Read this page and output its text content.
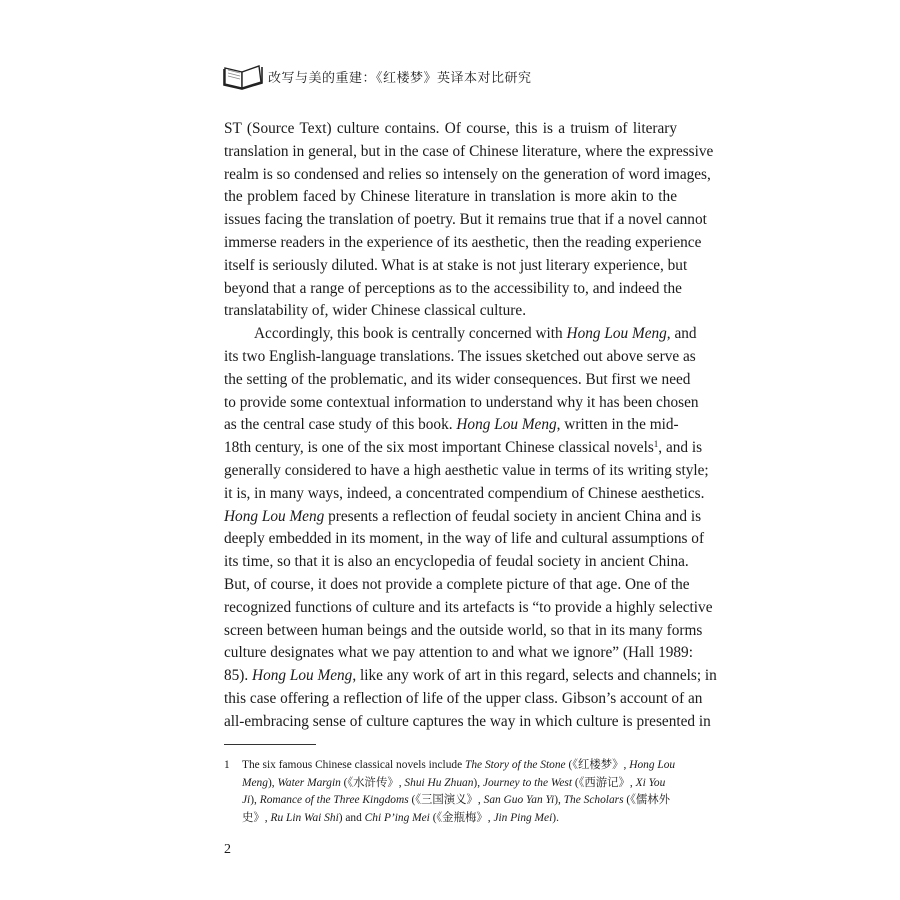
改写与美的重建：《红楼梦》英译本对比研究

ST (Source Text) culture contains. Of course, this is a truism of literary
translation in general, but in the case of Chinese literature, where the expressive
realm is so condensed and relies so intensely on the generation of word images,
the problem faced by Chinese literature in translation is more akin to the
issues facing the translation of poetry. But it remains true that if a novel cannot
immerse readers in the experience of its aesthetic, then the reading experience
itself is seriously diluted. What is at stake is not just literary experience, but
beyond that a range of perceptions as to the accessibility to, and indeed the
translatability of, wider Chinese classical culture.

Accordingly, this book is centrally concerned with Hong Lou Meng, and
its two English-language translations. The issues sketched out above serve as
the setting of the problematic, and its wider consequences. But first we need
to provide some contextual information to understand why it has been chosen
as the central case study of this book. Hong Lou Meng, written in the mid-
18th century, is one of the six most important Chinese classical novels$^1$, and is
generally considered to have a high aesthetic value in terms of its writing style;
it is, in many ways, indeed, a concentrated compendium of Chinese aesthetics.
Hong Lou Meng presents a reflection of feudal society in ancient China and is
deeply embedded in its moment, in the way of life and cultural assumptions of
its time, so that it is also an encyclopedia of feudal society in ancient China.
But, of course, it does not provide a complete picture of that age. One of the
recognized functions of culture and its artefacts is “to provide a highly selective
screen between human beings and the outside world, so that in its many forms
culture designates what we pay attention to and what we ignore” (Hall 1989:
85). Hong Lou Meng, like any work of art in this regard, selects and channels; in
this case offering a reflection of life of the upper class. Gibson’s account of an
all-embracing sense of culture captures the way in which culture is presented in

1 The six famous Chinese classical novels include The Story of the Stone (《红楼梦》, Hong Lou Meng), Water Margin (《水浒传》, Shui Hu Zhuan), Journey to the West (《西游记》, Xi You Ji), Romance of the Three Kingdoms (《三国演义》, San Guo Yan Yi), The Scholars (《儒林外史》, Ru Lin Wai Shi) and Chi P’ing Mei (《金瓶梅》, Jin Ping Mei).
2
